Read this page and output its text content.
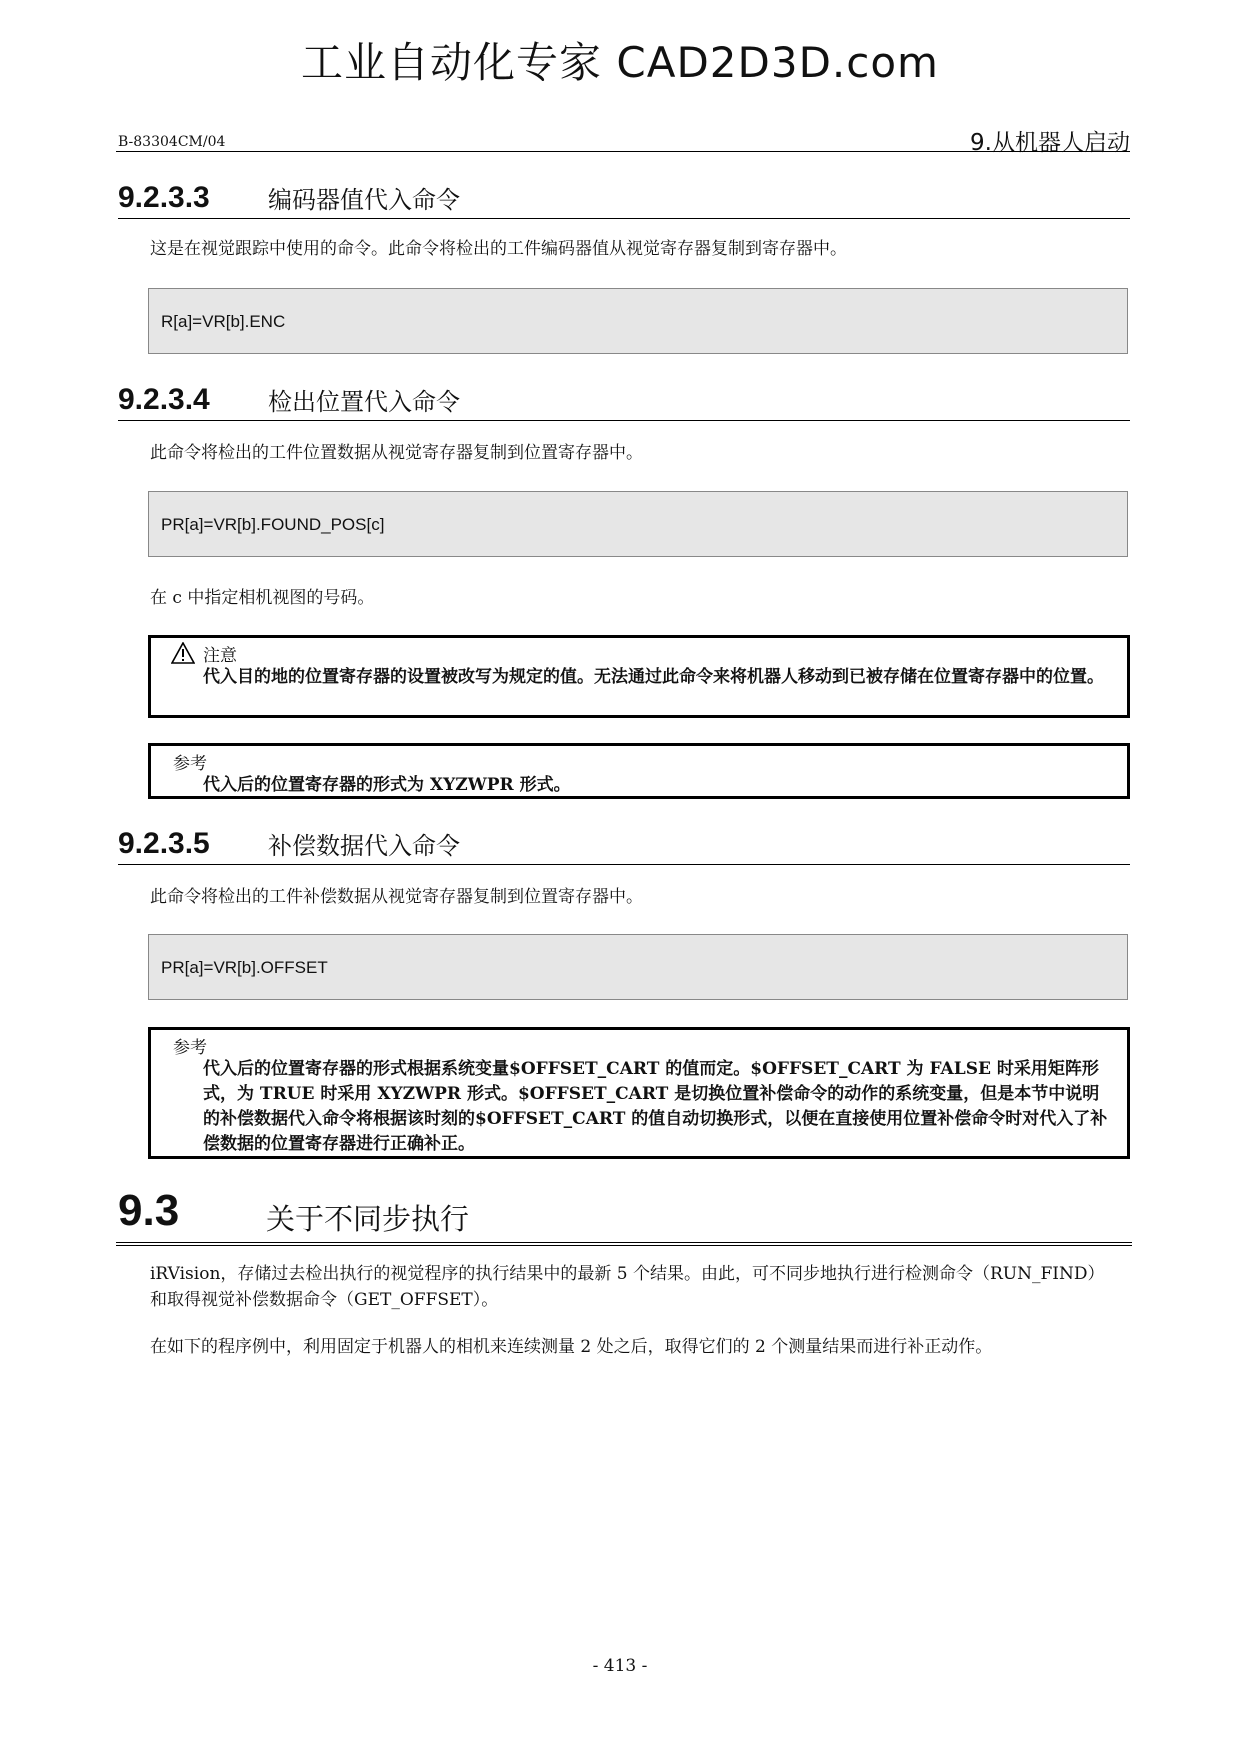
工业自动化专家 CAD2D3D.com
B-83304CM/04	9.从机器人启动
9.2.3.3 编码器值代入命令
这是在视觉跟踪中使用的命令。此命令将检出的工件编码器值从视觉寄存器复制到寄存器中。
R[a]=VR[b].ENC
9.2.3.4 检出位置代入命令
此命令将检出的工件位置数据从视觉寄存器复制到位置寄存器中。
PR[a]=VR[b].FOUND_POS[c]
在 c 中指定相机视图的号码。
注意
代入目的地的位置寄存器的设置被改写为规定的值。无法通过此命令来将机器人移动到已被存储在位置寄存器中的位置。
参考
代入后的位置寄存器的形式为 XYZWPR 形式。
9.2.3.5 补偿数据代入命令
此命令将检出的工件补偿数据从视觉寄存器复制到位置寄存器中。
PR[a]=VR[b].OFFSET
参考
代入后的位置寄存器的形式根据系统变量$OFFSET_CART 的值而定。$OFFSET_CART 为 FALSE 时采用矩阵形式，为 TRUE 时采用 XYZWPR 形式。$OFFSET_CART 是切换位置补偿命令的动作的系统变量，但是本节中说明的补偿数据代入命令将根据该时刻的$OFFSET_CART 的值自动切换形式，以便在直接使用位置补偿命令时对代入了补偿数据的位置寄存器进行正确补正。
9.3	关于不同步执行
iRVision，存储过去检出执行的视觉程序的执行结果中的最新 5 个结果。由此，可不同步地执行进行检测命令（RUN_FIND）和取得视觉补偿数据命令（GET_OFFSET）。
在如下的程序例中，利用固定于机器人的相机来连续测量 2 处之后，取得它们的 2 个测量结果而进行补正动作。
- 413 -
